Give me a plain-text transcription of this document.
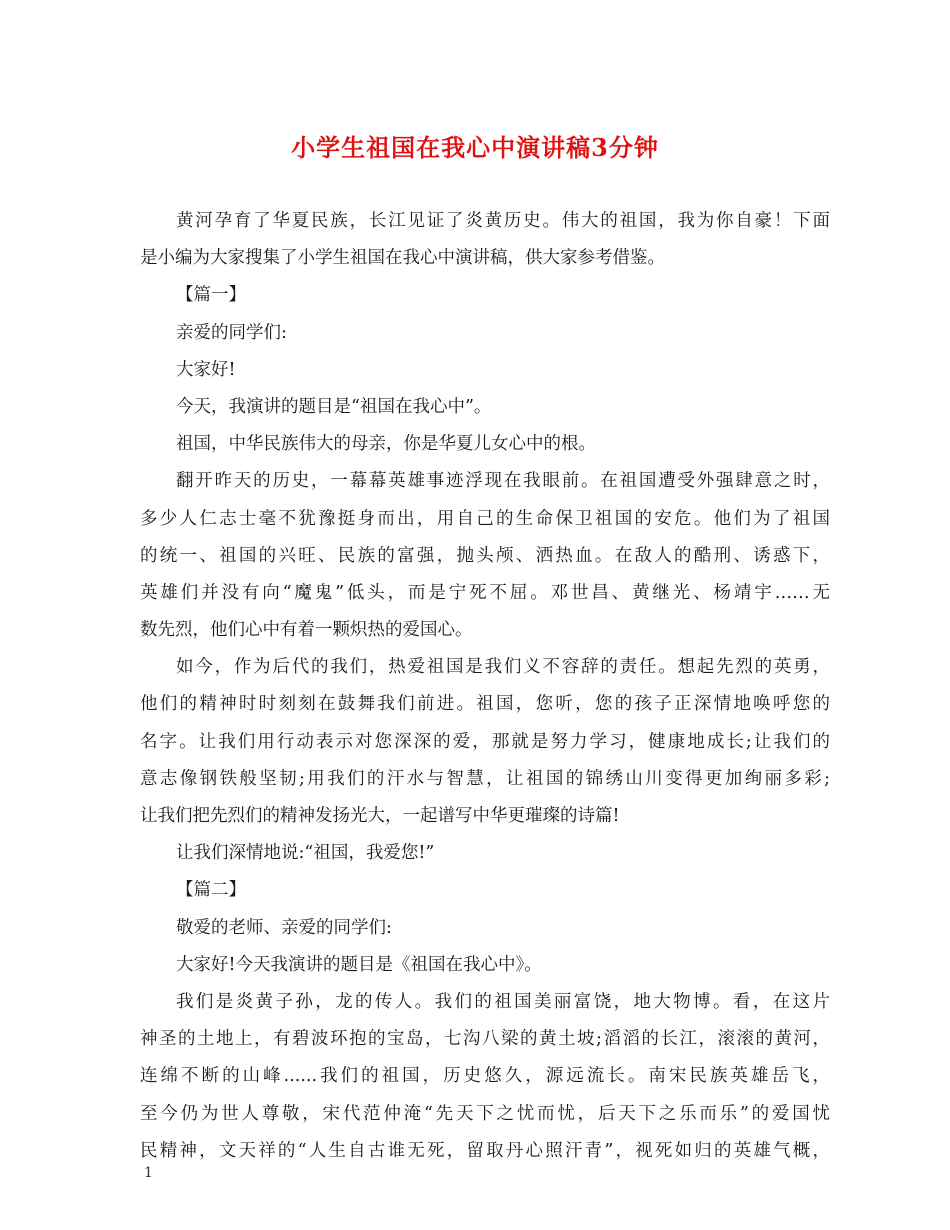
小学生祖国在我心中演讲稿3分钟
黄河孕育了华夏民族，长江见证了炎黄历史。伟大的祖国，我为你自豪！下面
是小编为大家搜集了小学生祖国在我心中演讲稿，供大家参考借鉴。
【篇一】
亲爱的同学们:
大家好!
今天，我演讲的题目是“祖国在我心中”。
祖国，中华民族伟大的母亲，你是华夏儿女心中的根。
翻开昨天的历史，一幕幕英雄事迹浮现在我眼前。在祖国遭受外强肆意之时，
多少人仁志士毫不犹豫挺身而出，用自己的生命保卫祖国的安危。他们为了祖国
的统一、祖国的兴旺、民族的富强，抛头颅、洒热血。在敌人的酷刑、诱惑下，
英雄们并没有向“魔鬼”低头，而是宁死不屈。邓世昌、黄继光、杨靖宇……无
数先烈，他们心中有着一颗炽热的爱国心。
如今，作为后代的我们，热爱祖国是我们义不容辞的责任。想起先烈的英勇，
他们的精神时时刻刻在鼓舞我们前进。祖国，您听，您的孩子正深情地唤呼您的
名字。让我们用行动表示对您深深的爱，那就是努力学习，健康地成长;让我们的
意志像钢铁般坚韧;用我们的汗水与智慧，让祖国的锦绣山川变得更加绚丽多彩;
让我们把先烈们的精神发扬光大，一起谱写中华更璀璨的诗篇!
让我们深情地说:“祖国，我爱您!”
【篇二】
敬爱的老师、亲爱的同学们:
大家好!今天我演讲的题目是《祖国在我心中》。
我们是炎黄子孙，龙的传人。我们的祖国美丽富饶，地大物博。看，在这片
神圣的土地上，有碧波环抱的宝岛，七沟八梁的黄土坡;滔滔的长江，滚滚的黄河，
连绵不断的山峰......我们的祖国，历史悠久，源远流长。南宋民族英雄岳飞，
至今仍为世人尊敬，宋代范仲淹“先天下之忧而忧，后天下之乐而乐”的爱国忧
民精神，文天祥的“人生自古谁无死，留取丹心照汗青”，视死如归的英雄气概，
1
